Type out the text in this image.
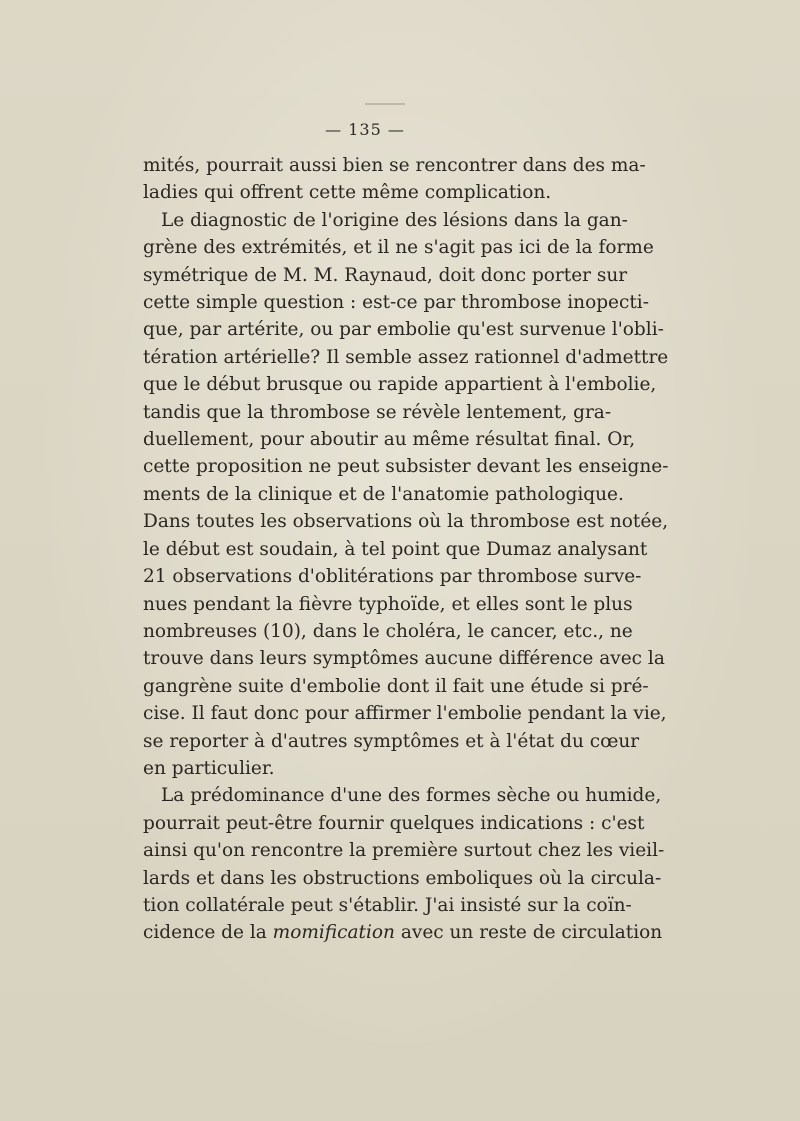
— 135 —

mités, pourrait aussi bien se rencontrer dans des ma-
ladies qui offrent cette même complication.

Le diagnostic de l'origine des lésions dans la gan-
grène des extrémités, et il ne s'agit pas ici de la forme
symétrique de M. M. Raynaud, doit donc porter sur
cette simple question : est-ce par thrombose inopecti-
que, par artérite, ou par embolie qu'est survenue l'obli-
tération artérielle? Il semble assez rationnel d'admettre
que le début brusque ou rapide appartient à l'embolie,
tandis que la thrombose se révèle lentement, gra-
duellement, pour aboutir au même résultat final. Or,
cette proposition ne peut subsister devant les enseigne-
ments de la clinique et de l'anatomie pathologique.
Dans toutes les observations où la thrombose est notée,
le début est soudain, à tel point que Dumaz analysant
21 observations d'oblitérations par thrombose surve-
nues pendant la fièvre typhoïde, et elles sont le plus
nombreuses (10), dans le choléra, le cancer, etc., ne
trouve dans leurs symptômes aucune différence avec la
gangrène suite d'embolie dont il fait une étude si pré-
cise. Il faut donc pour affirmer l'embolie pendant la vie,
se reporter à d'autres symptômes et à l'état du cœur
en particulier.

La prédominance d'une des formes sèche ou humide,
pourrait peut-être fournir quelques indications : c'est
ainsi qu'on rencontre la première surtout chez les vieil-
lards et dans les obstructions emboliques où la circula-
tion collatérale peut s'établir. J'ai insisté sur la coïn-
cidence de la momification avec un reste de circulation
